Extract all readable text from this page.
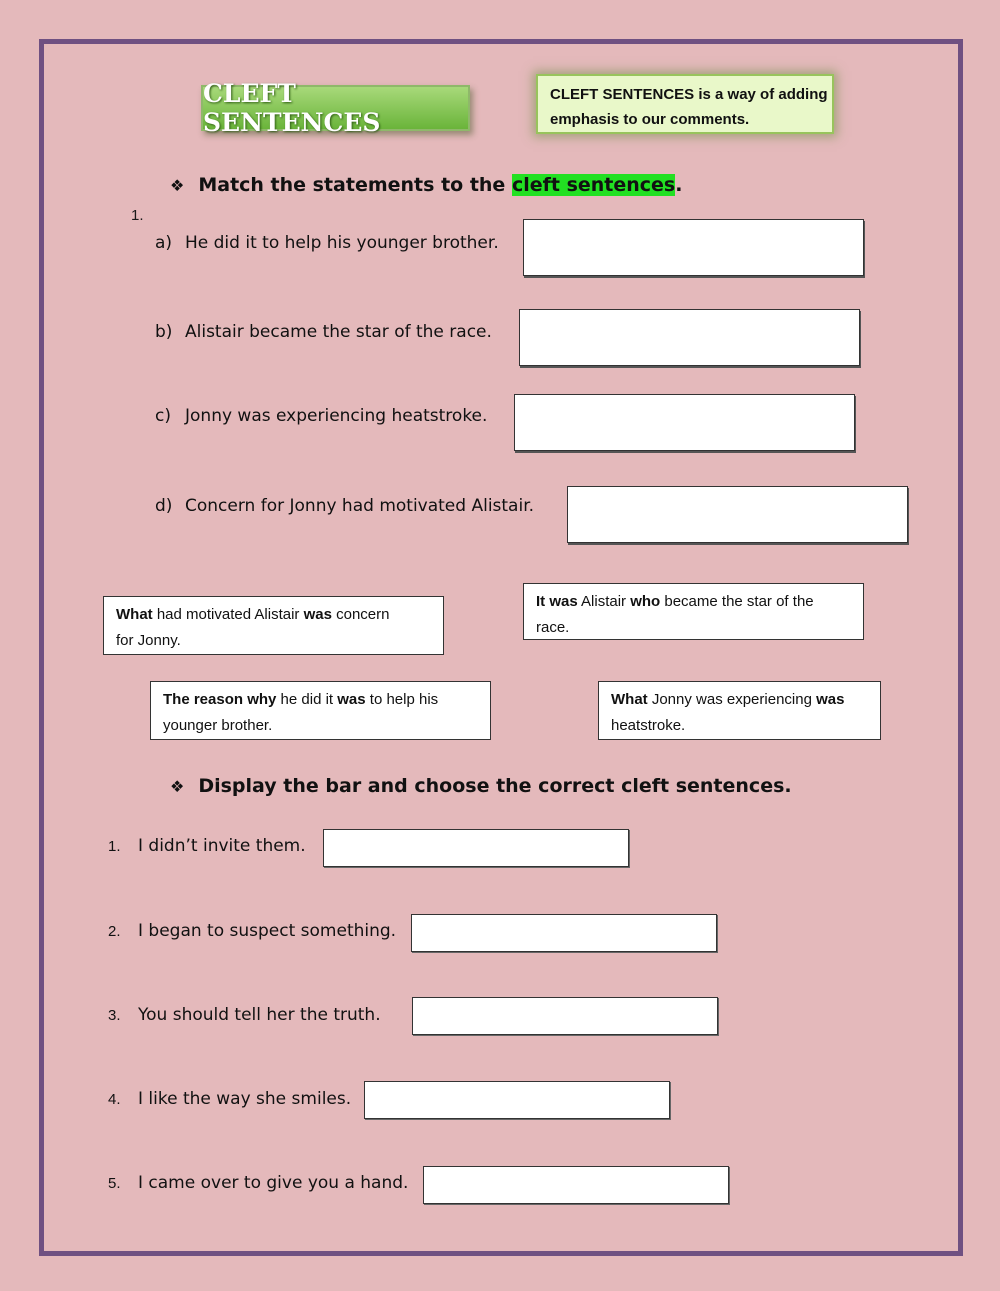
CLEFT SENTENCES
CLEFT SENTENCES is a way of adding
emphasis to our comments.
❖ Match the statements to the cleft sentences.
1.
a) He did it to help his younger brother.
b) Alistair became the star of the race.
c) Jonny was experiencing heatstroke.
d) Concern for Jonny had motivated Alistair.
What had motivated Alistair was concern
for Jonny.
It was Alistair who became the star of the
race.
The reason why he did it was to help his
younger brother.
What Jonny was experiencing was
heatstroke.
❖ Display the bar and choose the correct cleft sentences.
1. I didn’t invite them.
2. I began to suspect something.
3. You should tell her the truth.
4. I like the way she smiles.
5. I came over to give you a hand.
